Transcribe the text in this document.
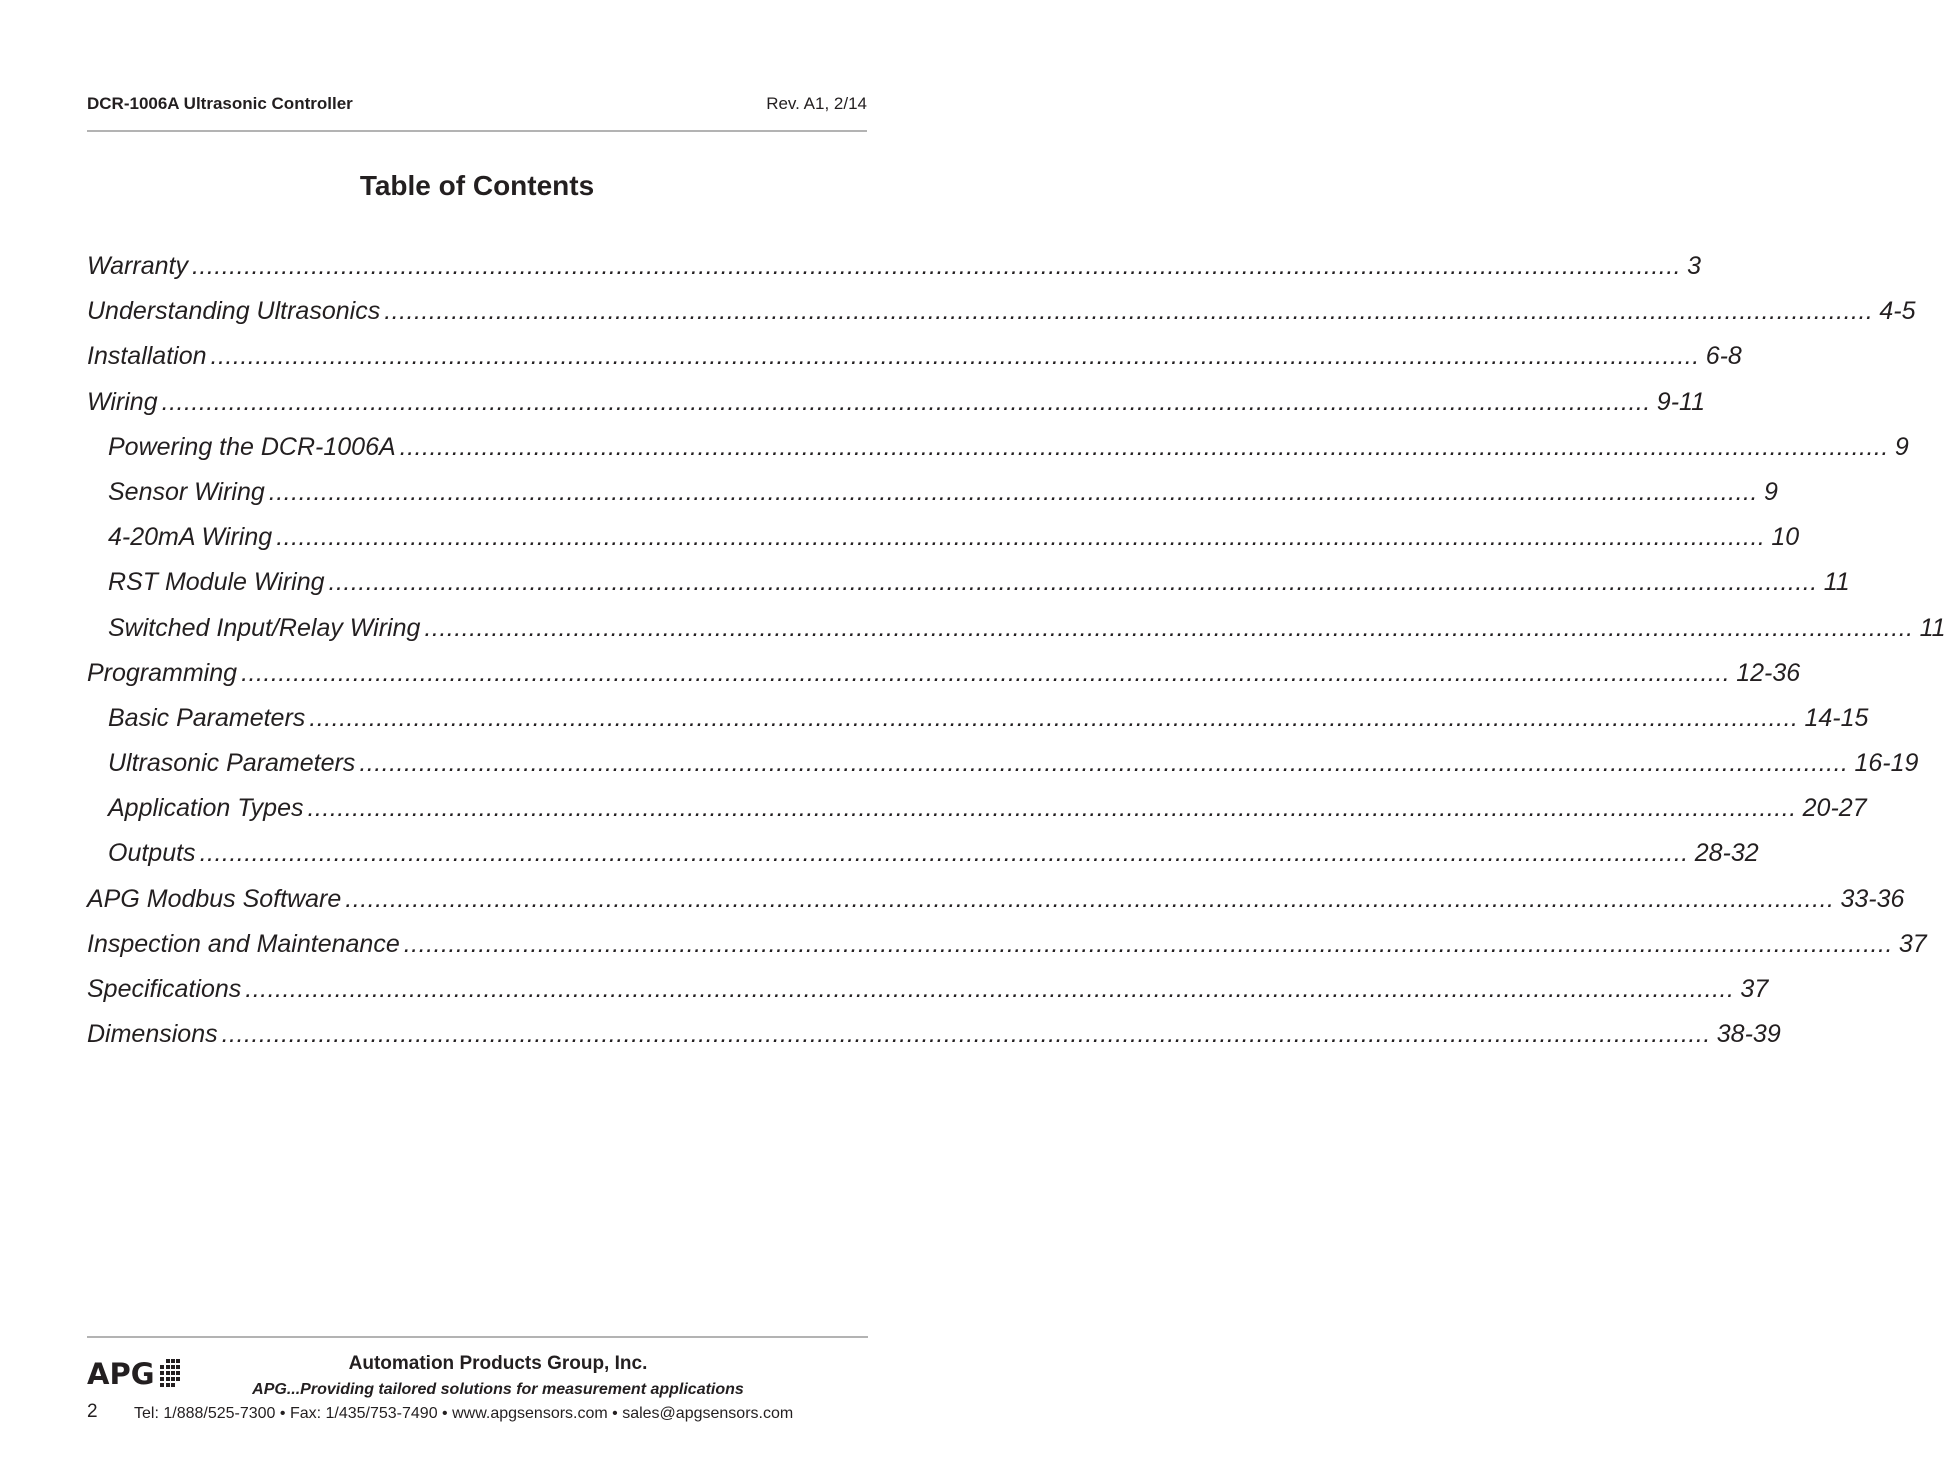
DCR-1006A Ultrasonic Controller	Rev. A1, 2/14
Table of Contents
Warranty ........................................................................................................................................................................................................ 3
Understanding Ultrasonics ........................................................................................................................................................................................................ 4-5
Installation ........................................................................................................................................................................................................ 6-8
Wiring ........................................................................................................................................................................................................ 9-11
Powering the DCR-1006A ........................................................................................................................................................................................................ 9
Sensor Wiring ........................................................................................................................................................................................................ 9
4-20mA Wiring ........................................................................................................................................................................................................ 10
RST Module Wiring ........................................................................................................................................................................................................ 11
Switched Input/Relay Wiring ........................................................................................................................................................................................................ 11
Programming ........................................................................................................................................................................................................ 12-36
Basic Parameters ........................................................................................................................................................................................................ 14-15
Ultrasonic Parameters ........................................................................................................................................................................................................ 16-19
Application Types ........................................................................................................................................................................................................ 20-27
Outputs ........................................................................................................................................................................................................ 28-32
APG Modbus Software ........................................................................................................................................................................................................ 33-36
Inspection and Maintenance ........................................................................................................................................................................................................ 37
Specifications ........................................................................................................................................................................................................ 37
Dimensions ........................................................................................................................................................................................................ 38-39
APG	Automation Products Group, Inc.
APG...Providing tailored solutions for measurement applications
2 Tel: 1/888/525-7300 • Fax: 1/435/753-7490 • www.apgsensors.com • sales@apgsensors.com
